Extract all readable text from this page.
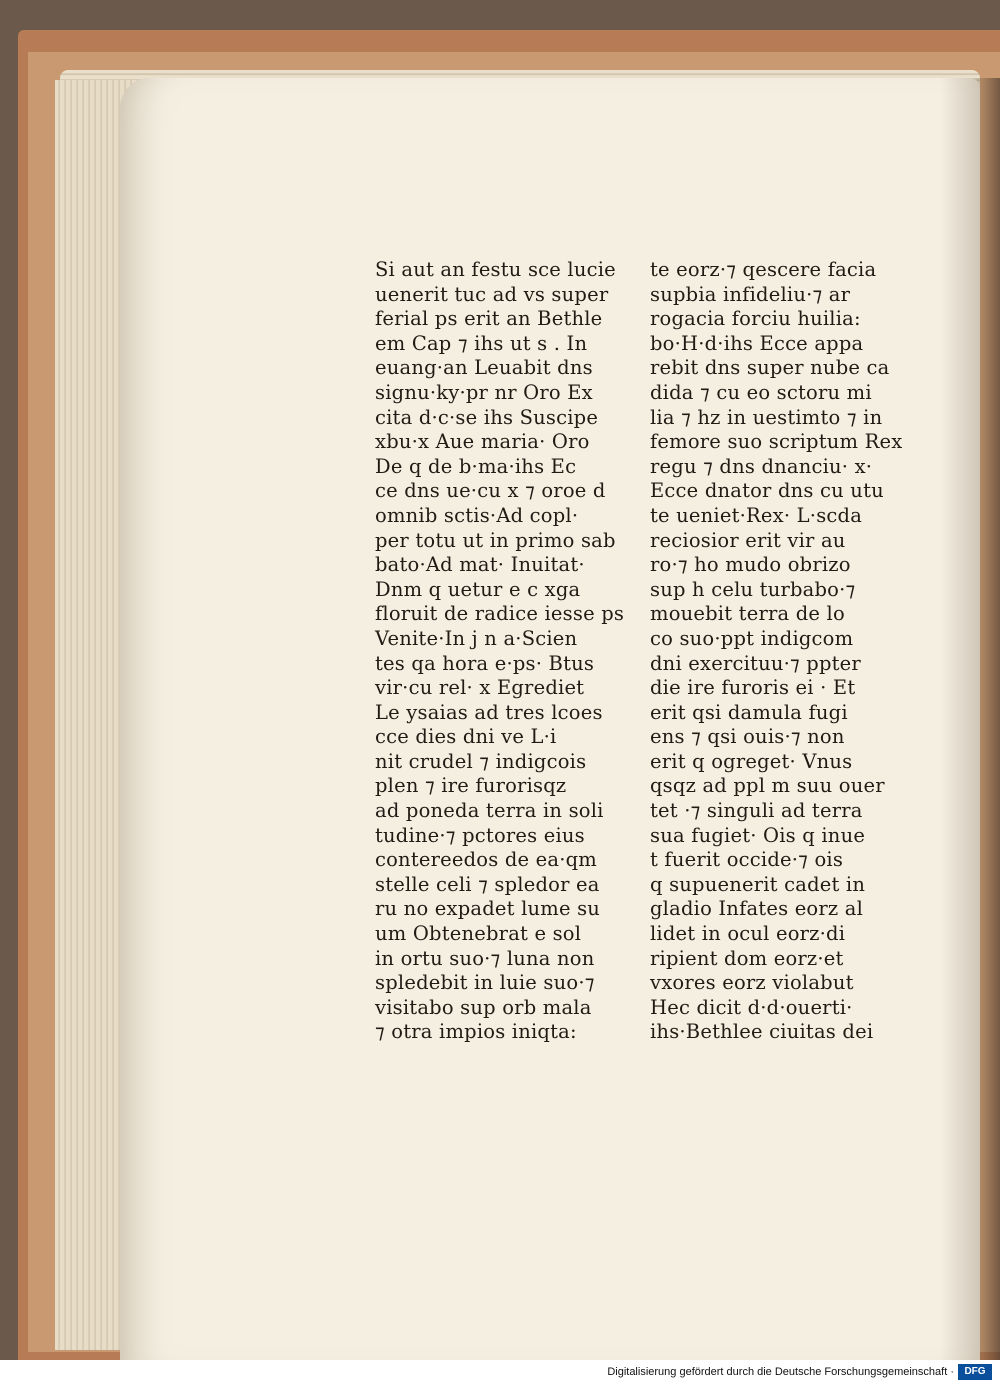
Si aut an festu sce lucie
uenerit tuc ad vs super
ferial ps erit an Bethle
em Cap ⁊ ihs ut s . In
euang·an Leuabit dns
signu·ky·pr nr Oro Ex
cita d·c·se ihs Suscipe
xbu·x Aue maria· Oro
De q de b·ma·ihs Ec
ce dns ue·cu x ⁊ oroe d
omnib sctis·Ad copl·
per totu ut in primo sab
bato·Ad mat· Inuitat·
Dnm q uetur e c xga
floruit de radice iesse ps
Venite·In j n a·Scien
tes qa hora e·ps· Btus
vir·cu rel· x Egrediet
Le ysaias ad tres lcoes
cce dies dni ve L·i
nit crudel ⁊ indigcois
plen ⁊ ire furorisqz
ad poneda terra in soli
tudine·⁊ pctores eius
contereedos de ea·qm
stelle celi ⁊ spledor ea
ru no expadet lume su
um Obtenebrat e sol
in ortu suo·⁊ luna non
spledebit in luie suo·⁊
visitabo sup orb mala
⁊ otra impios iniqta:
te eorz·⁊ qescere facia
supbia infideliu·⁊ ar
rogacia forciu huilia:
bo·H·d·ihs Ecce appa
rebit dns super nube ca
dida ⁊ cu eo sctoru mi
lia ⁊ hz in uestimto ⁊ in
femore suo scriptum Rex
regu ⁊ dns dnanciu· x·
Ecce dnator dns cu utu
te ueniet·Rex· L·scda
reciosior erit vir au
ro·⁊ ho mudo obrizo
sup h celu turbabo·⁊
mouebit terra de lo
co suo·ppt indigcom
dni exercituu·⁊ ppter
die ire furoris ei · Et
erit qsi damula fugi
ens ⁊ qsi ouis·⁊ non
erit q ogreget· Vnus
qsqz ad ppl m suu ouer
tet ·⁊ singuli ad terra
sua fugiet· Ois q inue
t fuerit occide·⁊ ois
q supuenerit cadet in
gladio Infates eorz al
lidet in ocul eorz·di
ripient dom eorz·et
vxores eorz violabut
Hec dicit d·d·ouerti·
ihs·Bethlee ciuitas dei
Digitalisierung gefördert durch die Deutsche Forschungsgemeinschaft ·	DFG
